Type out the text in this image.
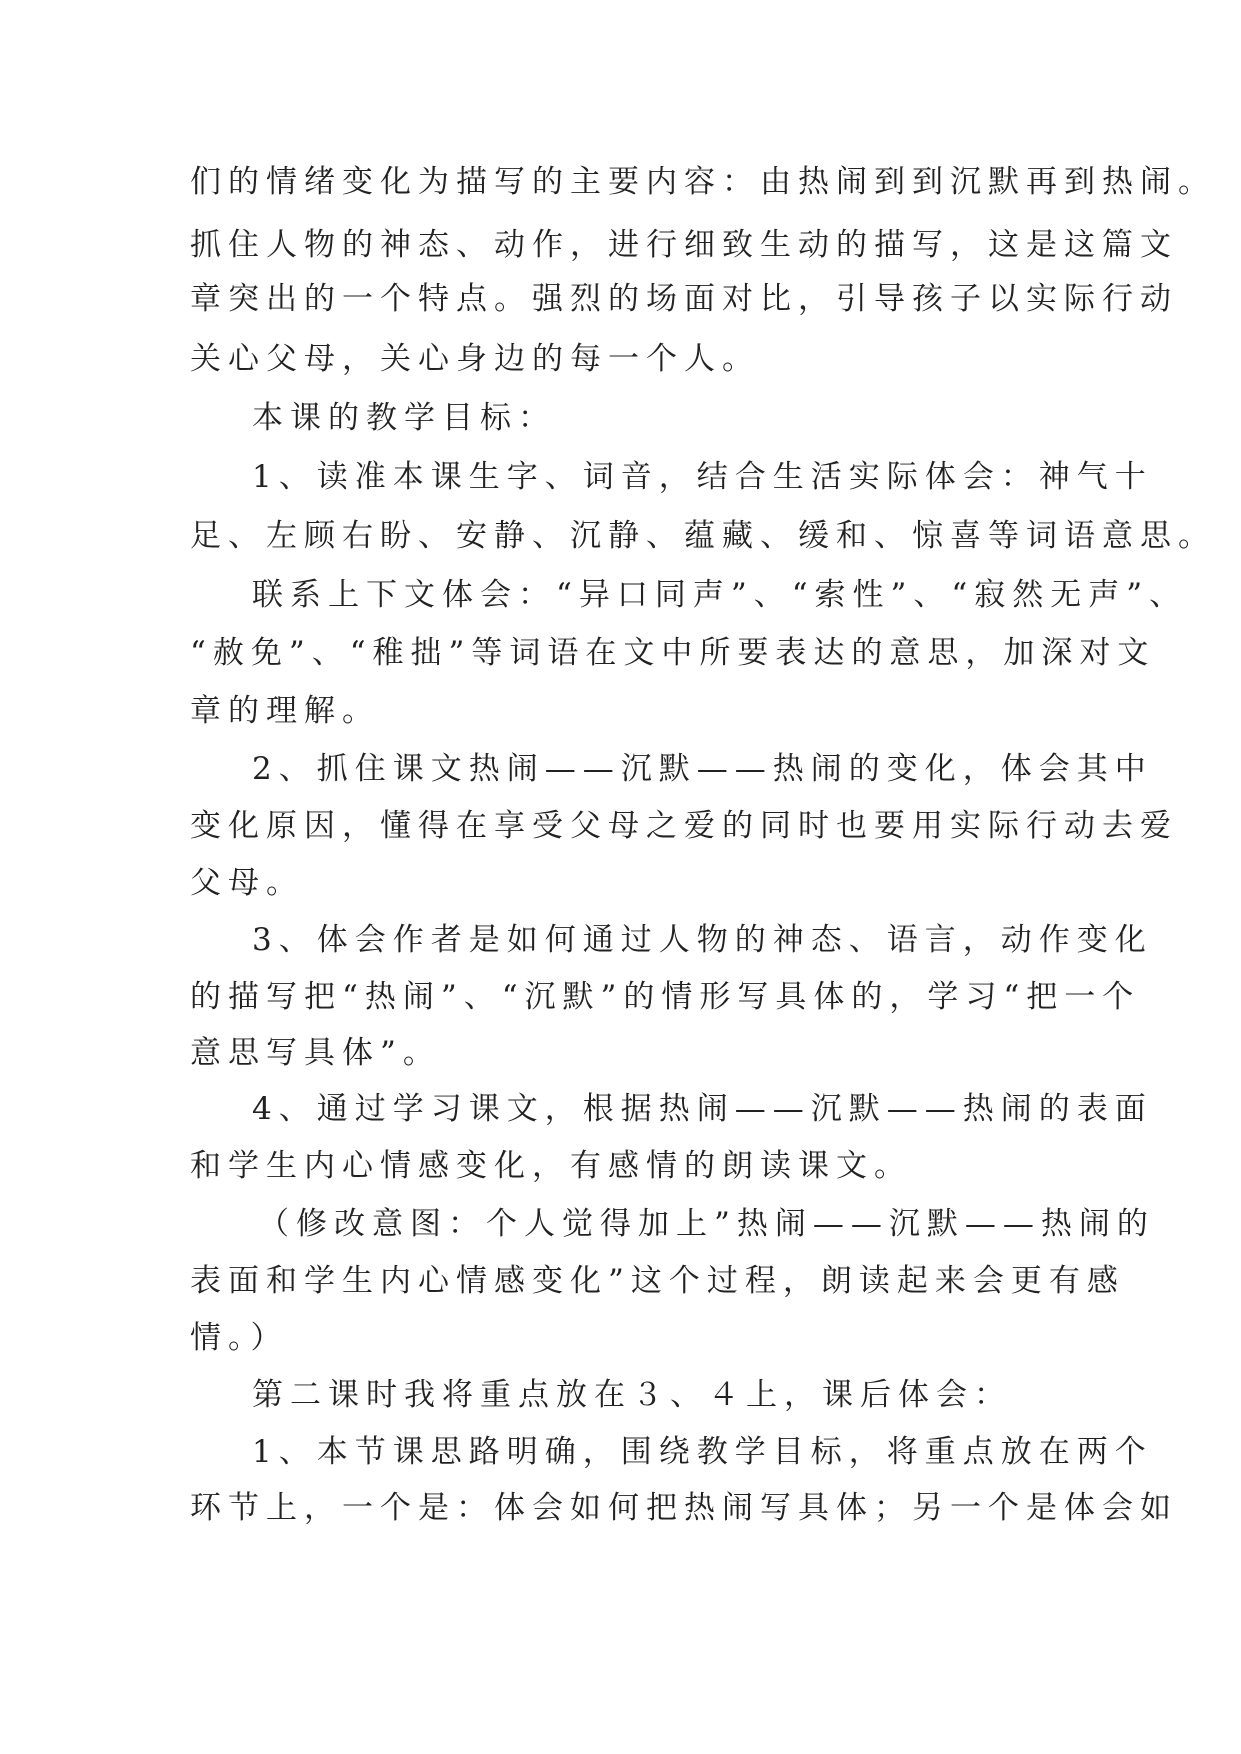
们的情绪变化为描写的主要内容：由热闹到到沉默再到热闹。
抓住人物的神态、动作，进行细致生动的描写，这是这篇文
章突出的一个特点。强烈的场面对比，引导孩子以实际行动
关心父母，关心身边的每一个人。
本课的教学目标：
1、读准本课生字、词音，结合生活实际体会：神气十
足、左顾右盼、安静、沉静、蕴藏、缓和、惊喜等词语意思。
联系上下文体会：“异口同声”、“索性”、“寂然无声”、
“赦免”、“稚拙”等词语在文中所要表达的意思，加深对文
章的理解。
2、抓住课文热闹——沉默——热闹的变化，体会其中
变化原因，懂得在享受父母之爱的同时也要用实际行动去爱
父母。
3、体会作者是如何通过人物的神态、语言，动作变化
的描写把“热闹”、“沉默”的情形写具体的，学习“把一个
意思写具体”。
4、通过学习课文，根据热闹——沉默——热闹的表面
和学生内心情感变化，有感情的朗读课文。
（修改意图：个人觉得加上”热闹——沉默——热闹的
表面和学生内心情感变化”这个过程，朗读起来会更有感
情。）
第二课时我将重点放在３、４上，课后体会：
1、本节课思路明确，围绕教学目标，将重点放在两个
环节上，一个是：体会如何把热闹写具体；另一个是体会如
